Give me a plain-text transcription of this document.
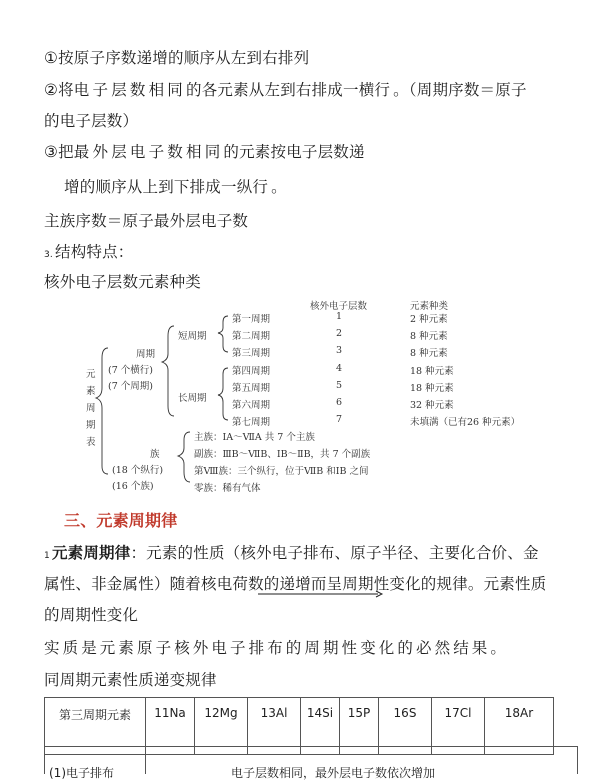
①按原子序数递增的顺序从左到右排列
②将电子层数相同的各元素从左到右排成一横行。（周期序数＝原子
的电子层数）
③把最外层电子数相同的元素按电子层数递
增的顺序从上到下排成一纵行。
主族序数＝原子最外层电子数
3. 结构特点：
核外电子层数元素种类
核外电子层数	元素种类
元
素
周
期
表
周期
(7 个横行)
(7 个周期)
短周期
长周期
第一周期	1	2 种元素
第二周期	2	8 种元素
第三周期	3	8 种元素
第四周期	4	18 种元素
第五周期	5	18 种元素
第六周期	6	32 种元素
第七周期	7	未填满（已有26 种元素）
族
(18 个纵行)
(16 个族)
主族：ⅠA～ⅦA 共 7 个主族
副族：ⅢB～ⅦB、ⅠB～ⅡB，共 7 个副族
第Ⅷ族：三个纵行，位于ⅦB 和ⅠB 之间
零族：稀有气体
三、元素周期律
1 元素周期律：元素的性质（核外电子排布、原子半径、主要化合价、金
属性、非金属性）随着核电荷数的递增而呈周期性变化的规律。元素性质
的周期性变化
实质是元素原子核外电子排布的周期性变化的必然结果。
同周期元素性质递变规律
第三周期元素	11Na	12Mg	13Al	14Si	15P	16S	17Cl	18Ar
(1)电子排布	电子层数相同，最外层电子数依次增加
